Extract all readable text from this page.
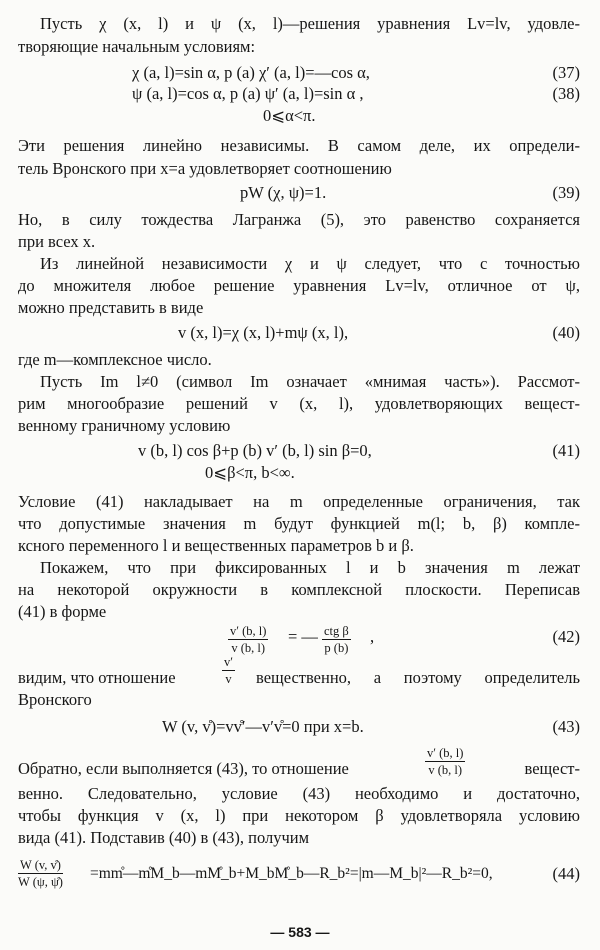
Пусть χ (x, l) и ψ (x, l)—решения уравнения Lv=lv, удовле-
творяющие начальным условиям:
χ (a, l)=sin α, p (a) χ′ (a, l)=—cos α,	(37)
ψ (a, l)=cos α, p (a) ψ′ (a, l)=sin α ,	(38)
0⩽α<π.
Эти решения линейно независимы. В самом деле, их определи-
тель Вронского при x=a удовлетворяет соотношению
pW (χ, ψ)=1.	(39)
Но, в силу тождества Лагранжа (5), это равенство сохраняется
при всех x.
Из линейной независимости χ и ψ следует, что с точностью
до множителя любое решение уравнения Lv=lv, отличное от ψ,
можно представить в виде
v (x, l)=χ (x, l)+mψ (x, l),	(40)
где m—комплексное число.
Пусть Im l≠0 (символ Im означает «мнимая часть»). Рассмот-
рим многообразие решений v (x, l), удовлетворяющих вещест-
венному граничному условию
v (b, l) cos β+p (b) v′ (b, l) sin β=0,	(41)
0⩽β<π, b<∞.
Условие (41) накладывает на m определенные ограничения, так
что допустимые значения m будут функцией m(l; b, β) компле-
ксного переменного l и вещественных параметров b и β.
Покажем, что при фиксированных l и b значения m лежат
на некоторой окружности в комплексной плоскости. Переписав
(41) в форме
$\frac{v' (b, l)}{v (b, l)}$ = — ctg β
p (b)
,	(42)
видим, что отношение	$\frac{v'}{v}$ вещественно, а поэтому определитель
Вронского
W (v, v̊)=vv̊′—v′v̊=0 при x=b.	(43)
Обратно, если выполняется (43), то отношение	$\frac{v' (b, l)}{v (b, l)}$	вещест-
венно. Следовательно, условие (43) необходимо и достаточно,
чтобы функция v (x, l) при некотором β удовлетворяла условию
вида (41). Подставив (40) в (43), получим
$\frac{W (v, v̊)}{W (\psi, \psi̊)}$ =mm̊—m̊M_b—mM̊_b+M_bM̊_b—R_b²=|m—M_b|²—R_b²=0,	(44)
— 583 —
